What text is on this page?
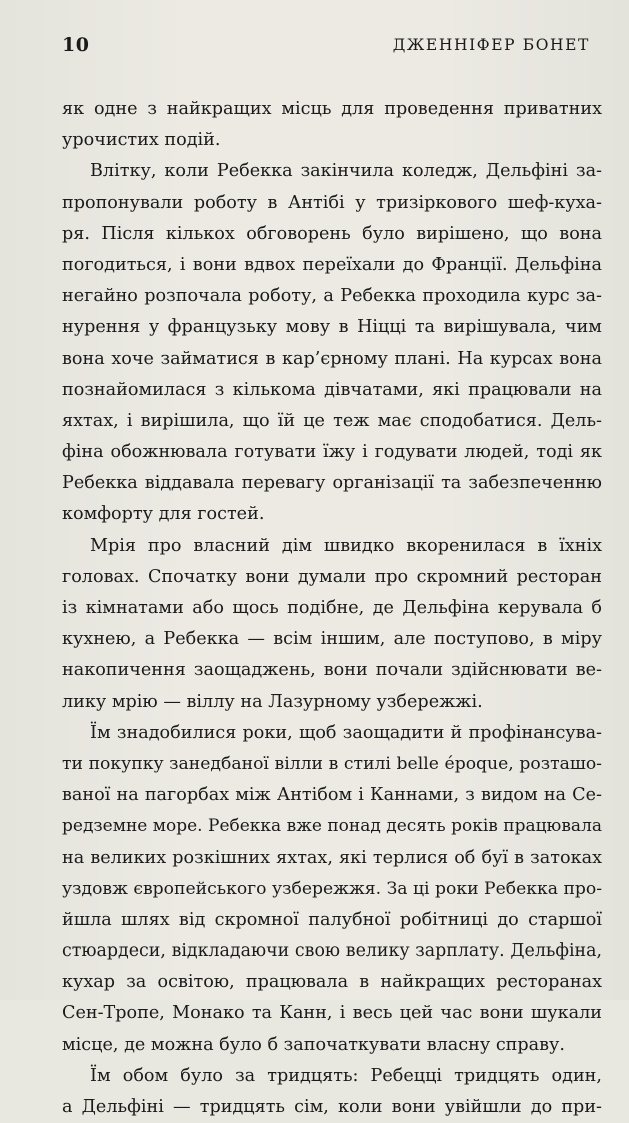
10	ДЖЕННІФЕР БОНЕТ
як одне з найкращих місць для проведення приватних
урочистих подій.
Влітку, коли Ребекка закінчила коледж, Дельфіні за-
пропонували роботу в Антібі у тризіркового шеф-куха-
ря. Після кількох обговорень було вирішено, що вона
погодиться, і вони вдвох переїхали до Франції. Дельфіна
негайно розпочала роботу, а Ребекка проходила курс за-
нурення у французьку мову в Ніцці та вирішувала, чим
вона хоче займатися в кар’єрному плані. На курсах вона
познайомилася з кількома дівчатами, які працювали на
яхтах, і вирішила, що їй це теж має сподобатися. Дель-
фіна обожнювала готувати їжу і годувати людей, тоді як
Ребекка віддавала перевагу організації та забезпеченню
комфорту для гостей.
Мрія про власний дім швидко вкоренилася в їхніх
головах. Спочатку вони думали про скромний ресторан
із кімнатами або щось подібне, де Дельфіна керувала б
кухнею, а Ребекка — всім іншим, але поступово, в міру
накопичення заощаджень, вони почали здійснювати ве-
лику мрію — віллу на Лазурному узбережжі.
Їм знадобилися роки, щоб заощадити й профінансува-
ти покупку занедбаної вілли в стилі belle époque, розташо-
ваної на пагорбах між Антібом і Каннами, з видом на Се-
редземне море. Ребекка вже понад десять років працювала
на великих розкішних яхтах, які терлися об буї в затоках
уздовж європейського узбережжя. За ці роки Ребекка про-
йшла шлях від скромної палубної робітниці до старшої
стюардеси, відкладаючи свою велику зарплату. Дельфіна,
кухар за освітою, працювала в найкращих ресторанах
Сен-Тропе, Монако та Канн, і весь цей час вони шукали
місце, де можна було б започаткувати власну справу.
Їм обом було за тридцять: Ребецці тридцять один,
а Дельфіні — тридцять сім, коли вони увійшли до при-
